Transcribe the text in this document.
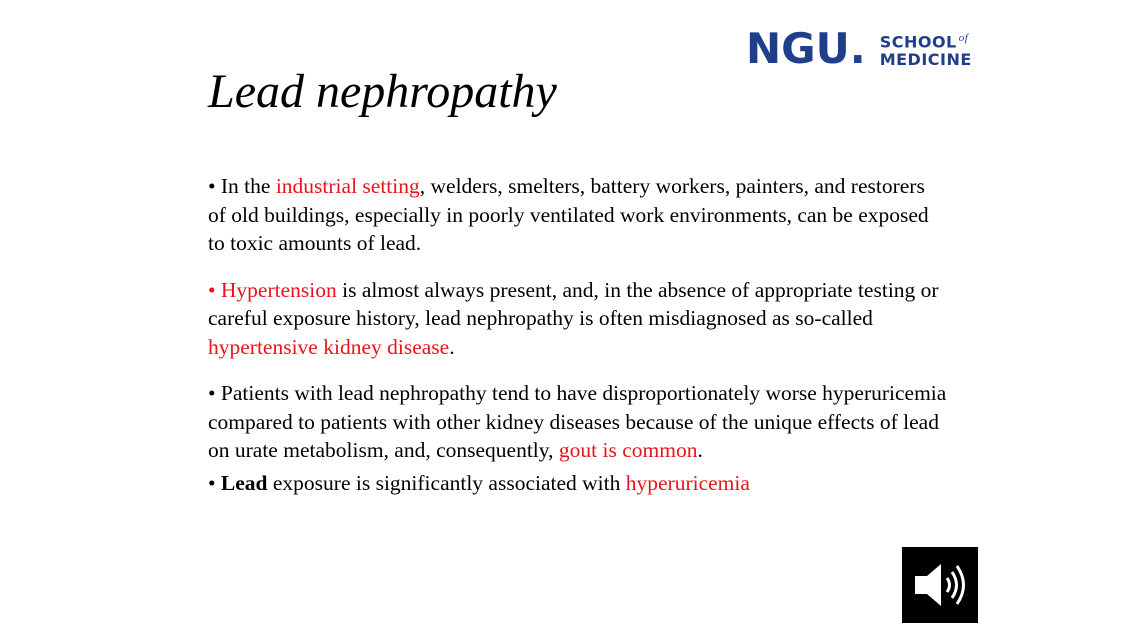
NGU. SCHOOL $^{of}$
MEDICINE
Lead nephropathy

• In the industrial setting, welders, smelters, battery workers, painters, and restorers of old buildings, especially in poorly ventilated work environments, can be exposed to toxic amounts of lead.

• Hypertension is almost always present, and, in the absence of appropriate testing or careful exposure history, lead nephropathy is often misdiagnosed as so-called hypertensive kidney disease.

• Patients with lead nephropathy tend to have disproportionately worse hyperuricemia compared to patients with other kidney diseases because of the unique effects of lead on urate metabolism, and, consequently, gout is common.

• Lead exposure is significantly associated with hyperuricemia
